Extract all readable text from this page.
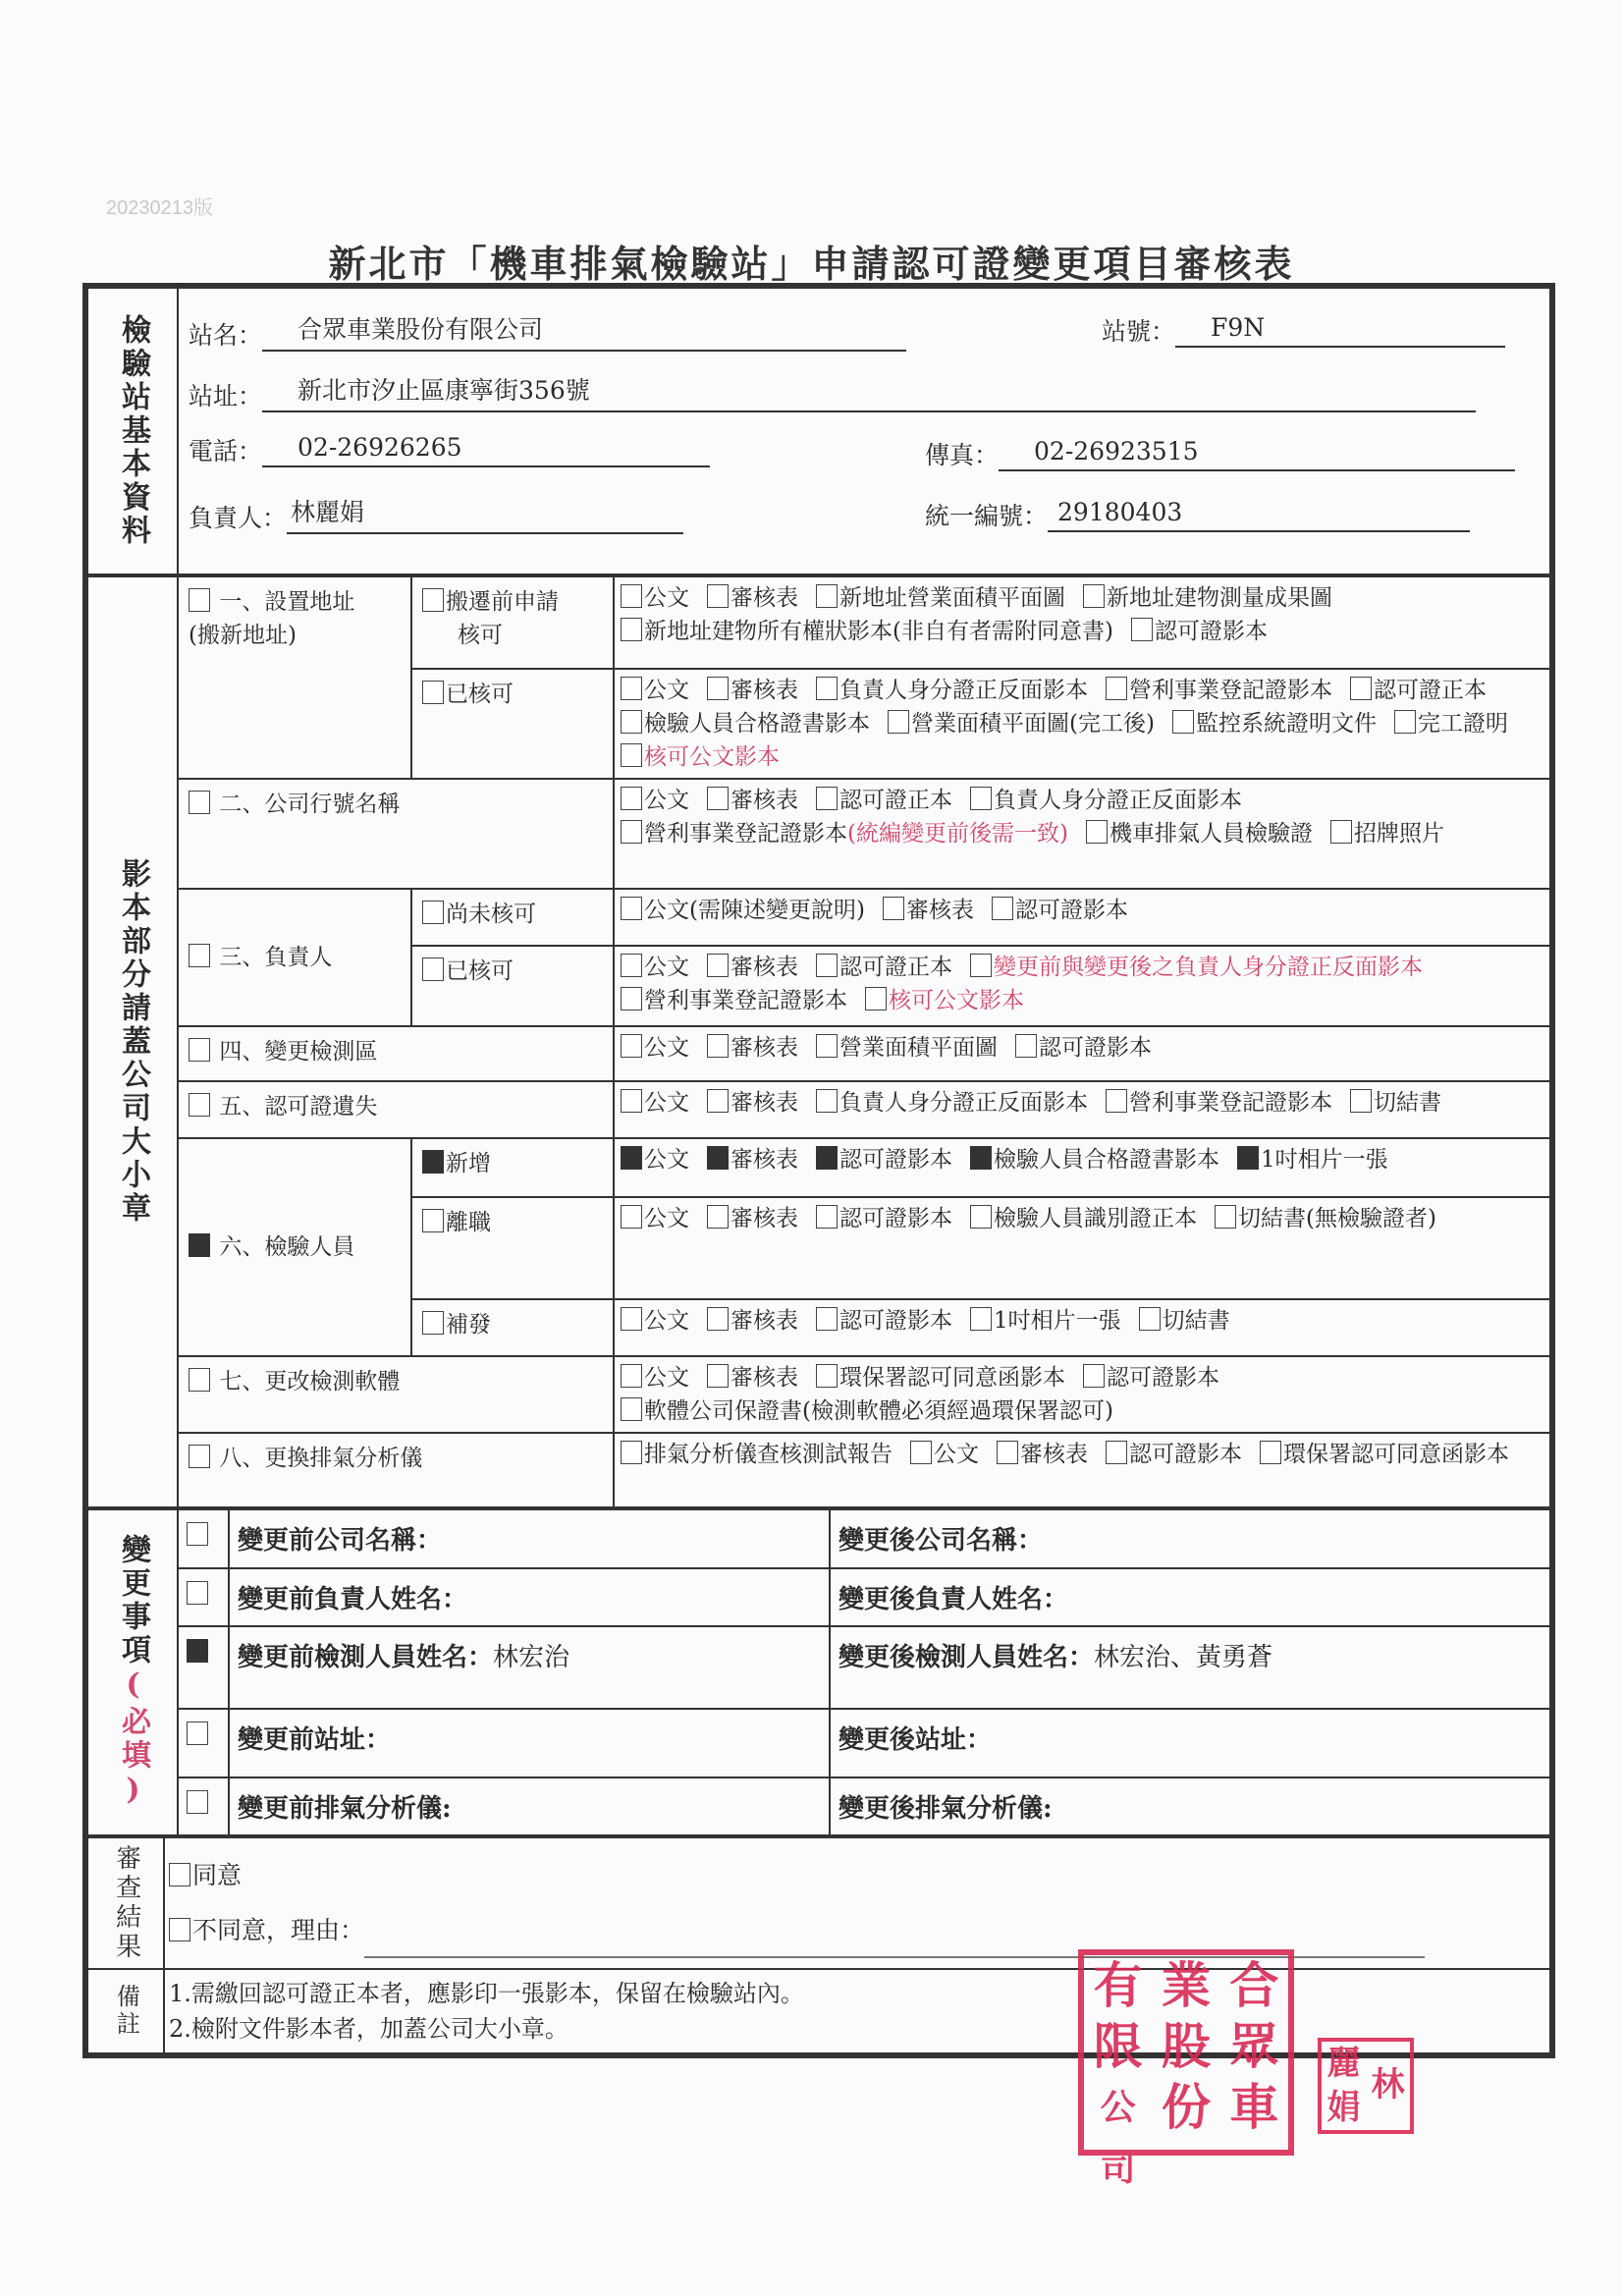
20230213版
新北市「機車排氣檢驗站」申請認可證變更項目審核表
檢驗站基本資料	站名：	合眾車業股份有限公司	站號：	F9N
站址：	新北市汐止區康寧街356號
電話：	02-26926265	傳真：	02-26923515
負責人： 林麗娟	統一編號： 29180403
影本部分請蓋公司大小章	一、設置地址
(搬新地址)	搬遷前申請
核可	公文 審核表 新地址營業面積平面圖 新地址建物測量成果圖新地址建物所有權狀影本(非自有者需附同意書) 認可證影本
		已核可	公文 審核表 負責人身分證正反面影本 營利事業登記證影本 認可證正本檢驗人員合格證書影本 營業面積平面圖(完工後) 監控系統證明文件 完工證明核可公文影本
	二、公司行號名稱		公文 審核表 認可證正本 負責人身分證正反面影本營利事業登記證影本(統編變更前後需一致) 機車排氣人員檢驗證 招牌照片
	三、負責人	尚未核可	公文(需陳述變更說明) 審核表 認可證影本
		已核可	公文 審核表 認可證正本 變更前與變更後之負責人身分證正反面影本營利事業登記證影本 核可公文影本
	四、變更檢測區		公文 審核表 營業面積平面圖 認可證影本
	五、認可證遺失		公文 審核表 負責人身分證正反面影本 營利事業登記證影本 切結書
	六、檢驗人員	新增	公文 審核表 認可證影本 檢驗人員合格證書影本 1吋相片一張
		離職	公文 審核表 認可證影本 檢驗人員識別證正本 切結書(無檢驗證者)
		補發	公文 審核表 認可證影本 1吋相片一張 切結書
	七、更改檢測軟體		公文 審核表 環保署認可同意函影本 認可證影本軟體公司保證書(檢測軟體必須經過環保署認可)
	八、更換排氣分析儀		排氣分析儀查核測試報告 公文 審核表 認可證影本 環保署認可同意函影本
變更事項(必填)		變更前公司名稱：	變更後公司名稱：
		變更前負責人姓名：	變更後負責人姓名：
		變更前檢測人員姓名：林宏治	變更後檢測人員姓名：林宏治、黃勇蒼
		變更前站址：	變更後站址：
		變更前排氣分析儀:	變更後排氣分析儀:
審查結果	同意
不同意，理由：

備註	1.需繳回認可證正本者，應影印一張影本，保留在檢驗站內。
2.檢附文件影本者，加蓋公司大小章。
有 業 合
限 股 眾
公司
份 車
麗
林
娟
